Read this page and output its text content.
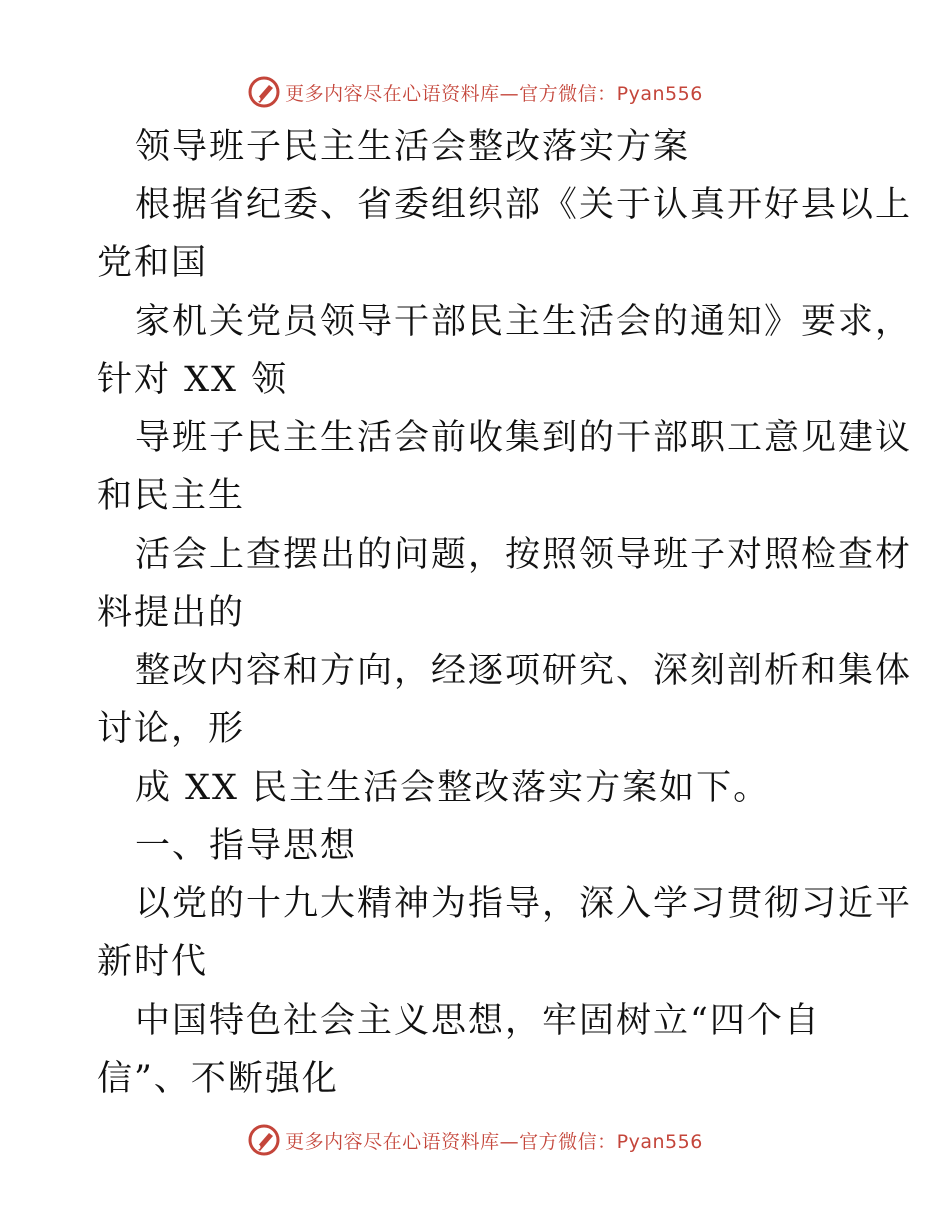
更多内容尽在心语资料库—官方微信：Pyan556
领导班子民主生活会整改落实方案
根据省纪委、省委组织部《关于认真开好县以上
党和国
家机关党员领导干部民主生活会的通知》要求，
针对 XX 领
导班子民主生活会前收集到的干部职工意见建议
和民主生
活会上查摆出的问题，按照领导班子对照检查材
料提出的
整改内容和方向，经逐项研究、深刻剖析和集体
讨论，形
成 XX 民主生活会整改落实方案如下。
一、指导思想
以党的十九大精神为指导，深入学习贯彻习近平
新时代
中国特色社会主义思想，牢固树立“四个自
信”、不断强化
更多内容尽在心语资料库—官方微信：Pyan556
